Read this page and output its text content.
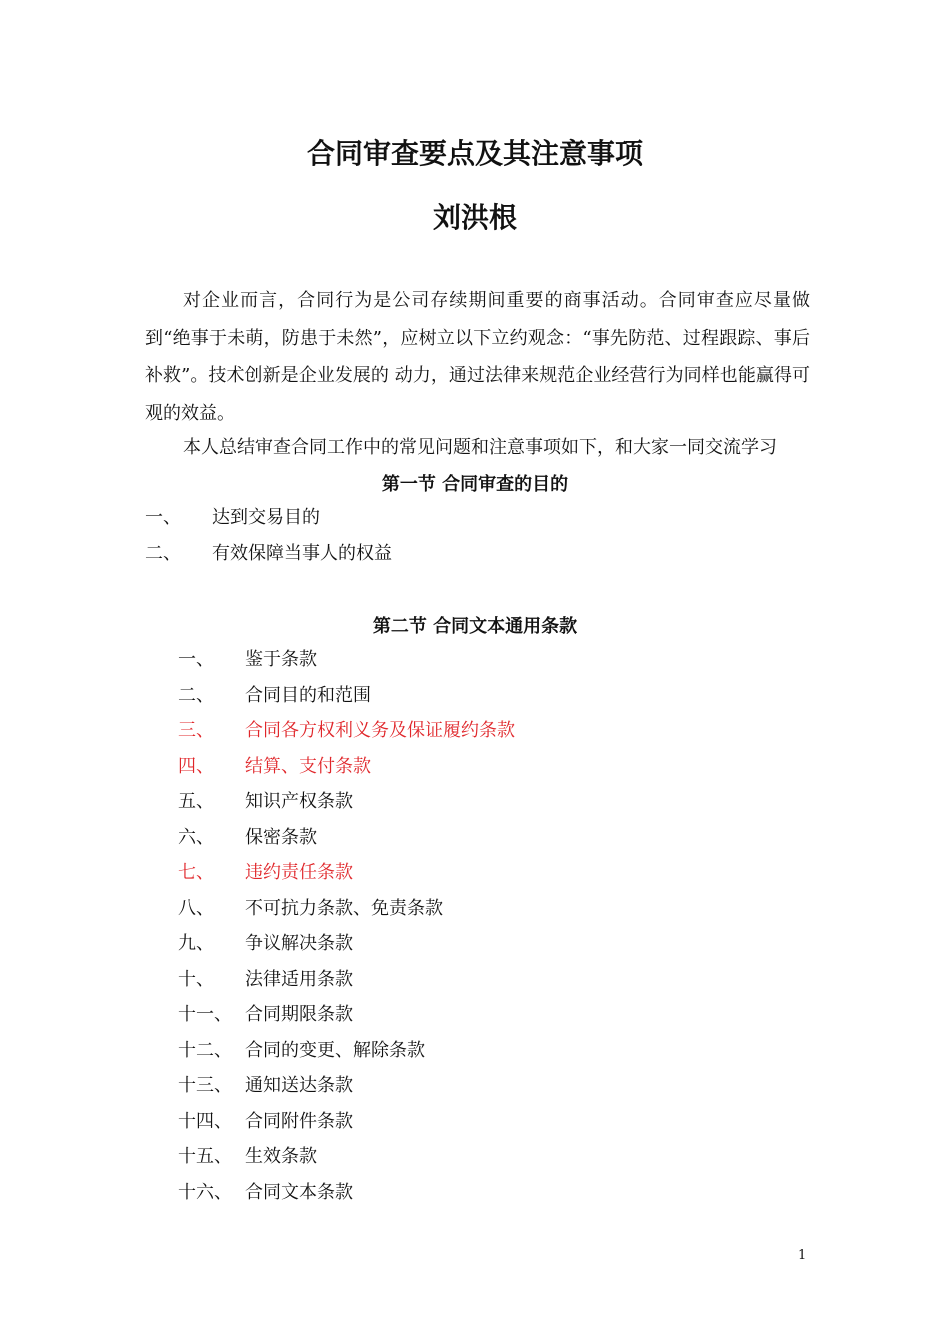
合同审查要点及其注意事项
刘洪根

对企业而言，合同行为是公司存续期间重要的商事活动。合同审查应尽量做到“绝事于未萌，防患于未然”，应树立以下立约观念：“事先防范、过程跟踪、事后补救”。技术创新是企业发展的 动力，通过法律来规范企业经营行为同样也能赢得可观的效益。

本人总结审查合同工作中的常见问题和注意事项如下，和大家一同交流学习

第一节 合同审查的目的
一、 达到交易目的
二、 有效保障当事人的权益
第二节 合同文本通用条款
一、 鉴于条款
二、 合同目的和范围
三、 合同各方权利义务及保证履约条款
四、 结算、支付条款
五、 知识产权条款
六、 保密条款
七、 违约责任条款
八、 不可抗力条款、免责条款
九、 争议解决条款
十、 法律适用条款
十一、 合同期限条款
十二、 合同的变更、解除条款
十三、 通知送达条款
十四、 合同附件条款
十五、 生效条款
十六、 合同文本条款
1
